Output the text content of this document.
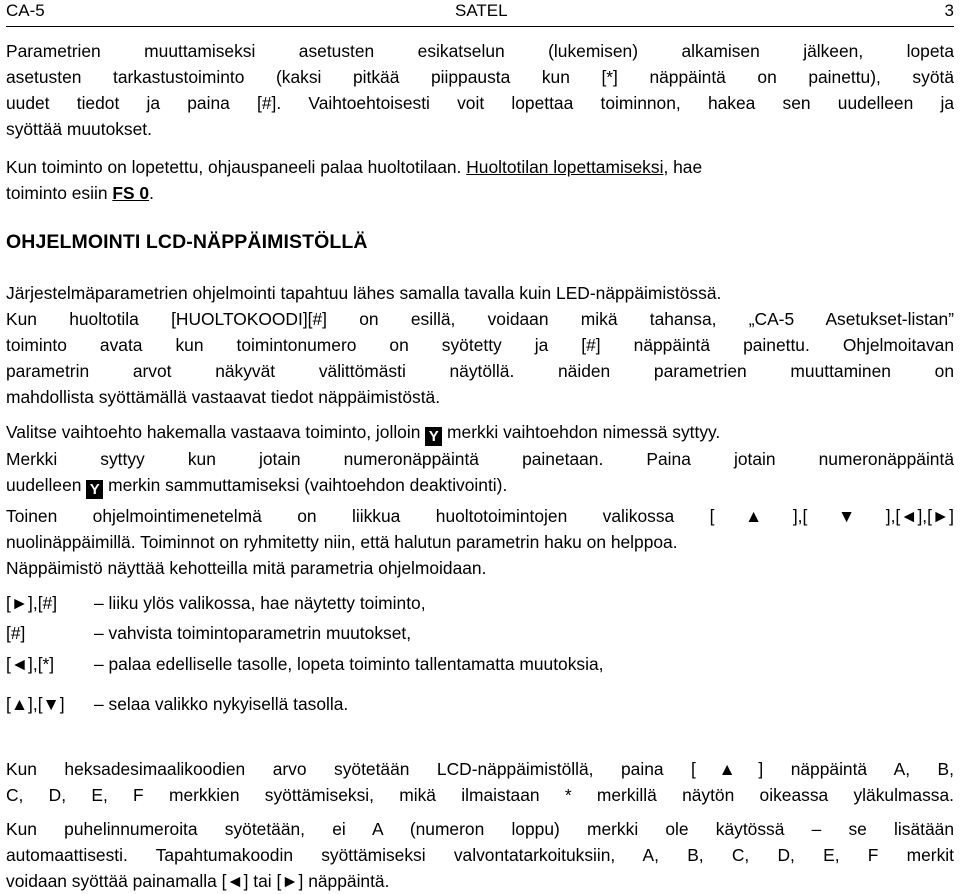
CA-5	SATEL	3
Parametrien muuttamiseksi asetusten esikatselun (lukemisen) alkamisen jälkeen, lopeta
asetusten tarkastustoiminto (kaksi pitkää piippausta kun [*] näppäintä on painettu), syötä
uudet tiedot ja paina [#]. Vaihtoehtoisesti voit lopettaa toiminnon, hakea sen uudelleen ja
syöttää muutokset.
Kun toiminto on lopetettu, ohjauspaneeli palaa huoltotilaan. Huoltotilan lopettamiseksi, hae
toiminto esiin FS 0.
OHJELMOINTI LCD-NÄPPÄIMISTÖLLÄ
Järjestelmäparametrien ohjelmointi tapahtuu lähes samalla tavalla kuin LED-näppäimistössä.
Kun huoltotila [HUOLTOKOODI][#] on esillä, voidaan mikä tahansa, „CA-5 Asetukset-listan”
toiminto avata kun toimintonumero on syötetty ja [#] näppäintä painettu. Ohjelmoitavan
parametrin arvot näkyvät välittömästi näytöllä. näiden parametrien muuttaminen on
mahdollista syöttämällä vastaavat tiedot näppäimistöstä.
Valitse vaihtoehto hakemalla vastaava toiminto, jolloin Y merkki vaihtoehdon nimessä syttyy.
Merkki syttyy kun jotain numeronäppäintä painetaan. Paina jotain numeronäppäintä
uudelleen Y merkin sammuttamiseksi (vaihtoehdon deaktivointi).
Toinen ohjelmointimenetelmä on liikkua huoltotoimintojen valikossa [▲],[▼],[◄],[►]
nuolinäppäimillä. Toiminnot on ryhmitetty niin, että halutun parametrin haku on helppoa.
Näppäimistö näyttää kehotteilla mitä parametria ohjelmoidaan.
[►],[#] – liiku ylös valikossa, hae näytetty toiminto,
[#]	– vahvista toimintoparametrin muutokset,
[◄],[*] – palaa edelliselle tasolle, lopeta toiminto tallentamatta muutoksia,
[▲],[▼] – selaa valikko nykyisellä tasolla.
Kun heksadesimaalikoodien arvo syötetään LCD-näppäimistöllä, paina [▲] näppäintä A, B,
C, D, E, F merkkien syöttämiseksi, mikä ilmaistaan * merkillä näytön oikeassa yläkulmassa.
Kun puhelinnumeroita syötetään, ei A (numeron loppu) merkki ole käytössä – se lisätään
automaattisesti. Tapahtumakoodin syöttämiseksi valvontatarkoituksiin, A, B, C, D, E, F merkit
voidaan syöttää painamalla [◄] tai [►] näppäintä.
